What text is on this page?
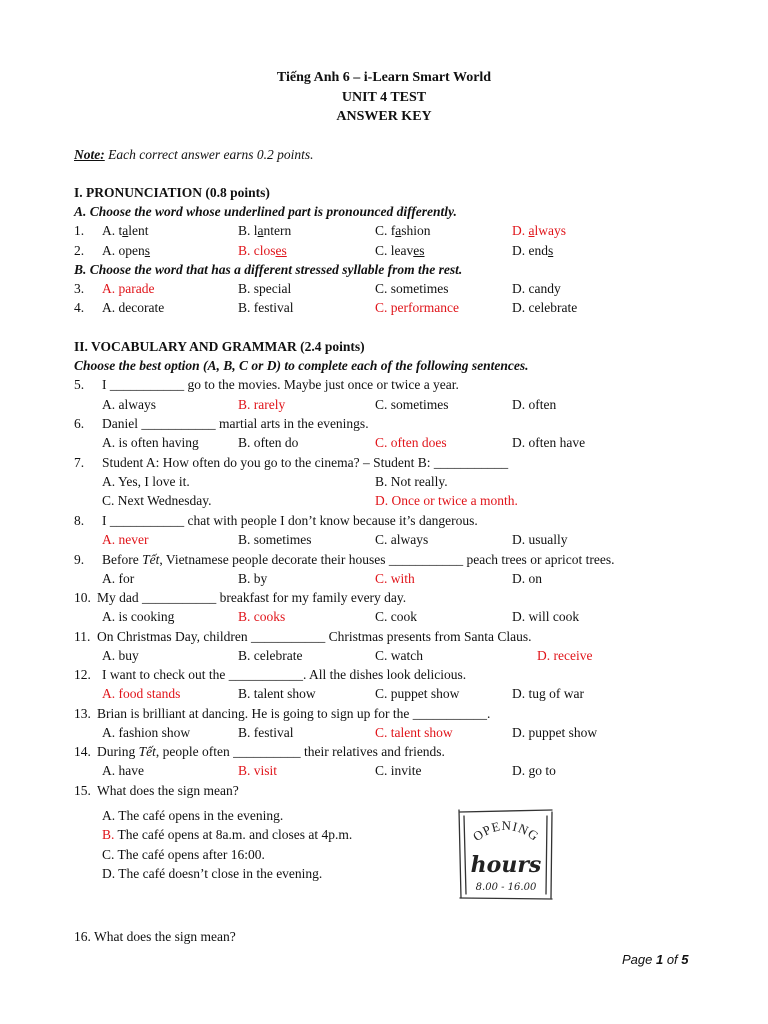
Tiếng Anh 6 – i-Learn Smart World
UNIT 4 TEST
ANSWER KEY
Note: Each correct answer earns 0.2 points.
I. PRONUNCIATION (0.8 points)
A. Choose the word whose underlined part is pronounced differently.
1. A. talent	B. lantern	C. fashion	D. always
2. A. opens	B. closes	C. leaves	D. ends
B. Choose the word that has a different stressed syllable from the rest.
3. A. parade	B. special	C. sometimes	D. candy
4. A. decorate	B. festival	C. performance	D. celebrate
II. VOCABULARY AND GRAMMAR (2.4 points)
Choose the best option (A, B, C or D) to complete each of the following sentences.
5. I ___________ go to the movies. Maybe just once or twice a year.
A. always	B. rarely	C. sometimes	D. often
6. Daniel ___________ martial arts in the evenings.
A. is often having	B. often do	C. often does	D. often have
7. Student A: How often do you go to the cinema? – Student B: ___________
A. Yes, I love it.	B. Not really.
C. Next Wednesday.	D. Once or twice a month.
8. I ___________ chat with people I don’t know because it’s dangerous.
A. never	B. sometimes	C. always	D. usually
9. Before Tết, Vietnamese people decorate their houses ___________ peach trees or apricot trees.
A. for	B. by	C. with	D. on
10. My dad ___________ breakfast for my family every day.
A. is cooking	B. cooks	C. cook	D. will cook
11. On Christmas Day, children ___________ Christmas presents from Santa Claus.
A. buy	B. celebrate	C. watch	D. receive
12. I want to check out the ___________. All the dishes look delicious.
A. food stands	B. talent show	C. puppet show	D. tug of war
13. Brian is brilliant at dancing. He is going to sign up for the ___________.
A. fashion show	B. festival	C. talent show	D. puppet show
14. During Tết, people often __________ their relatives and friends.
A. have	B. visit	C. invite	D. go to
15. What does the sign mean?
A. The café opens in the evening.
B. The café opens at 8a.m. and closes at 4p.m.
C. The café opens after 16:00.
D. The café doesn’t close in the evening.
OPENING
hours
8.00 - 16.00
16. What does the sign mean?
Page 1 of 5
